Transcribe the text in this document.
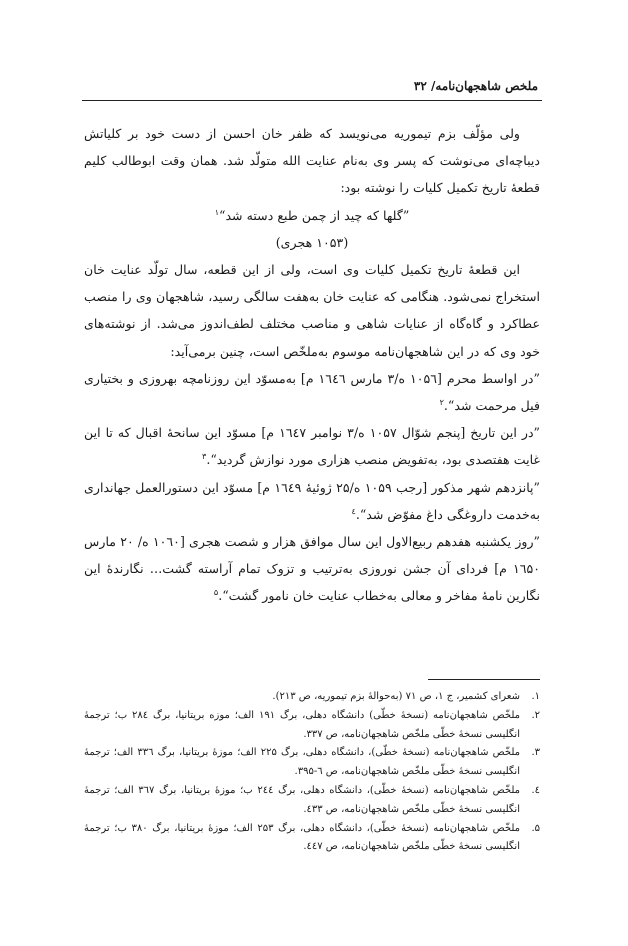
ملخص شاهجهان‌نامه/ ۳۲

ولی مؤلّف بزم تیموریه می‌نویسد که ظفر خان احسن از دست خود بر کلیاتش دیباچه‌ای می‌نوشت که پسر وی به‌نام عنایت الله متولّد شد. همان وقت ابوطالب کلیم قطعهٔ تاریخ تکمیل کلیات را نوشته بود:

”گلها که چید از چمن طبع دسته شد“$^۱$

(۱۰۵۳ هجری)

این قطعهٔ تاریخ تکمیل کلیات وی است، ولی از این قطعه، سال تولّد عنایت خان استخراج نمی‌شود. هنگامی که عنایت خان به‌هفت سالگی رسید، شاهجهان وی را منصب عطاکرد و گاه‌گاه از عنایات شاهی و مناصب مختلف لطف‌اندوز می‌شد. از نوشته‌های خود وی که در این شاهجهان‌نامه موسوم به‌ملخّص است، چنین برمی‌آید:

”در اواسط محرم [۱۰۵٦ ه/۳ مارس ۱٦٤٦ م] به‌مسوّد این روزنامچه بهروزی و بختیاری فیل مرحمت شد“.$^۲$

”در این تاریخ [پنجم شوّال ۱۰۵۷ ه/۳ نوامبر ۱٦٤۷ م] مسوّد این سانحهٔ اقبال که تا این غایت هفتصدی بود، به‌تفویض منصب هزاری مورد نوازش گردید“.$^۳$

”پانزدهم شهر مذکور [رجب ۱۰۵۹ ه/۲۵ ژوئیهٔ ۱٦٤۹ م] مسوّد این دستورالعمل جهانداری به‌خدمت داروغگی داغ مفوّض شد“.$^٤$

”روز یکشنبه هفدهم ربیع‌الاول این سال موافق هزار و شصت هجری [۱۰٦۰ ه/ ۲۰ مارس ۱٦۵۰ م] فردای آن جشن نوروزی به‌ترتیب و تزوک تمام آراسته گشت… نگارندهٔ این نگارین نامهٔ مفاخر و معالی به‌خطاب عنایت خان نامور گشت“.$^۵$

۱.
شعرای کشمیر، ج ۱، ص ۷۱ (به‌حوالهٔ بزم تیموریه، ص ۲۱۳).
۲.
ملخّص شاهجهان‌نامه (نسخهٔ خطّی) دانشگاه دهلی، برگ ۱۹۱ الف؛ موزه بریتانیا، برگ ۲۸٤ ب؛ ترجمهٔ انگلیسی نسخهٔ خطّی ملخّص شاهجهان‌نامه، ص ۳۳۷.
۳.
ملخّص شاهجهان‌نامه (نسخهٔ خطّی)، دانشگاه دهلی، برگ ۲۲۵ الف؛ موزهٔ بریتانیا، برگ ۳۳٦ الف؛ ترجمهٔ انگلیسی نسخهٔ خطّی ملخّص شاهجهان‌نامه، ص ٦-۳۹۵.
٤.
ملخّص شاهجهان‌نامه (نسخهٔ خطّی)، دانشگاه دهلی، برگ ۲٤٤ ب؛ موزهٔ بریتانیا، برگ ۳٦۷ الف؛ ترجمهٔ انگلیسی نسخهٔ خطّی ملخّص شاهجهان‌نامه، ص ٤۳۳.
۵.
ملخّص شاهجهان‌نامه (نسخهٔ خطّی)، دانشگاه دهلی، برگ ۲۵۳ الف؛ موزهٔ بریتانیا، برگ ۳۸۰ ب؛ ترجمهٔ انگلیسی نسخهٔ خطّی ملخّص شاهجهان‌نامه، ص ٤٤۷.
